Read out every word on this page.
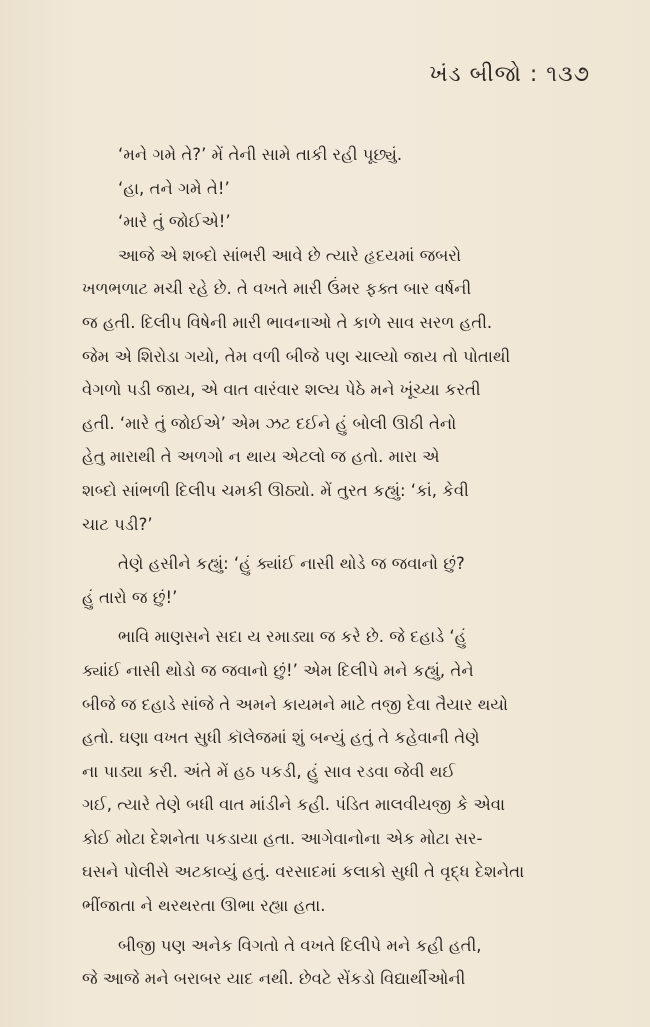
ખંડ બીજો : ૧૩૭
‘મને ગમે તે?’ મેં તેની સામે તાકી રહી પૂછ્યું.
‘હા, તને ગમે તે!’
‘મારે તું જોઈએ!’
આજે એ શબ્દો સાંભરી આવે છે ત્યારે હૃદયમાં જબરો
ખળભળાટ મચી રહે છે. તે વખતે મારી ઉંમર ફક્ત બાર વર્ષની
જ હતી. દિલીપ વિષેની મારી ભાવનાઓ તે કાળે સાવ સરળ હતી.
જેમ એ શિરોડા ગયો, તેમ વળી બીજે પણ ચાલ્યો જાય તો પોતાથી
વેગળો પડી જાય, એ વાત વારંવાર શલ્ય પેઠે મને ખૂંચ્યા કરતી
હતી. ‘મારે તું જોઈએ’ એમ ઝટ દઈને હું બોલી ઊઠી તેનો
હેતુ મારાથી તે અળગો ન થાય એટલો જ હતો. મારા એ
શબ્દો સાંભળી દિલીપ ચમકી ઊઠ્યો. મેં તુરત કહ્યું: ‘કાં, કેવી
ચાટ પડી?’
તેણે હસીને કહ્યું: ‘હું ક્યાંઈ નાસી થોડે જ જવાનો છું?
હું તારો જ છું!’
ભાવિ માણસને સદા ય રમાડ્યા જ કરે છે. જે દહાડે ‘હું
ક્યાંઈ નાસી થોડો જ જવાનો છું!’ એમ દિલીપે મને કહ્યું, તેને
બીજે જ દહાડે સાંજે તે અમને કાયમને માટે તજી દેવા તૈયાર થયો
હતો. ઘણા વખત સુધી કૉલેજમાં શું બન્યું હતું તે કહેવાની તેણે
ના પાડ્યા કરી. અંતે મેં હઠ પકડી, હું સાવ રડવા જેવી થઈ
ગઈ, ત્યારે તેણે બધી વાત માંડીને કહી. પંડિત માલવીયજી કે એવા
કોઈ મોટા દેશનેતા પકડાયા હતા. આગેવાનોના એક મોટા સર-
ઘસને પોલીસે અટકાવ્યું હતું. વરસાદમાં કલાકો સુધી તે વૃદ્ધ દેશનેતા
ભીંજાતા ને થરથરતા ઊભા રહ્યા હતા.
બીજી પણ અનેક વિગતો તે વખતે દિલીપે મને કહી હતી,
જે આજે મને બરાબર યાદ નથી. છેવટે સેંકડો વિદ્યાર્થીઓની
